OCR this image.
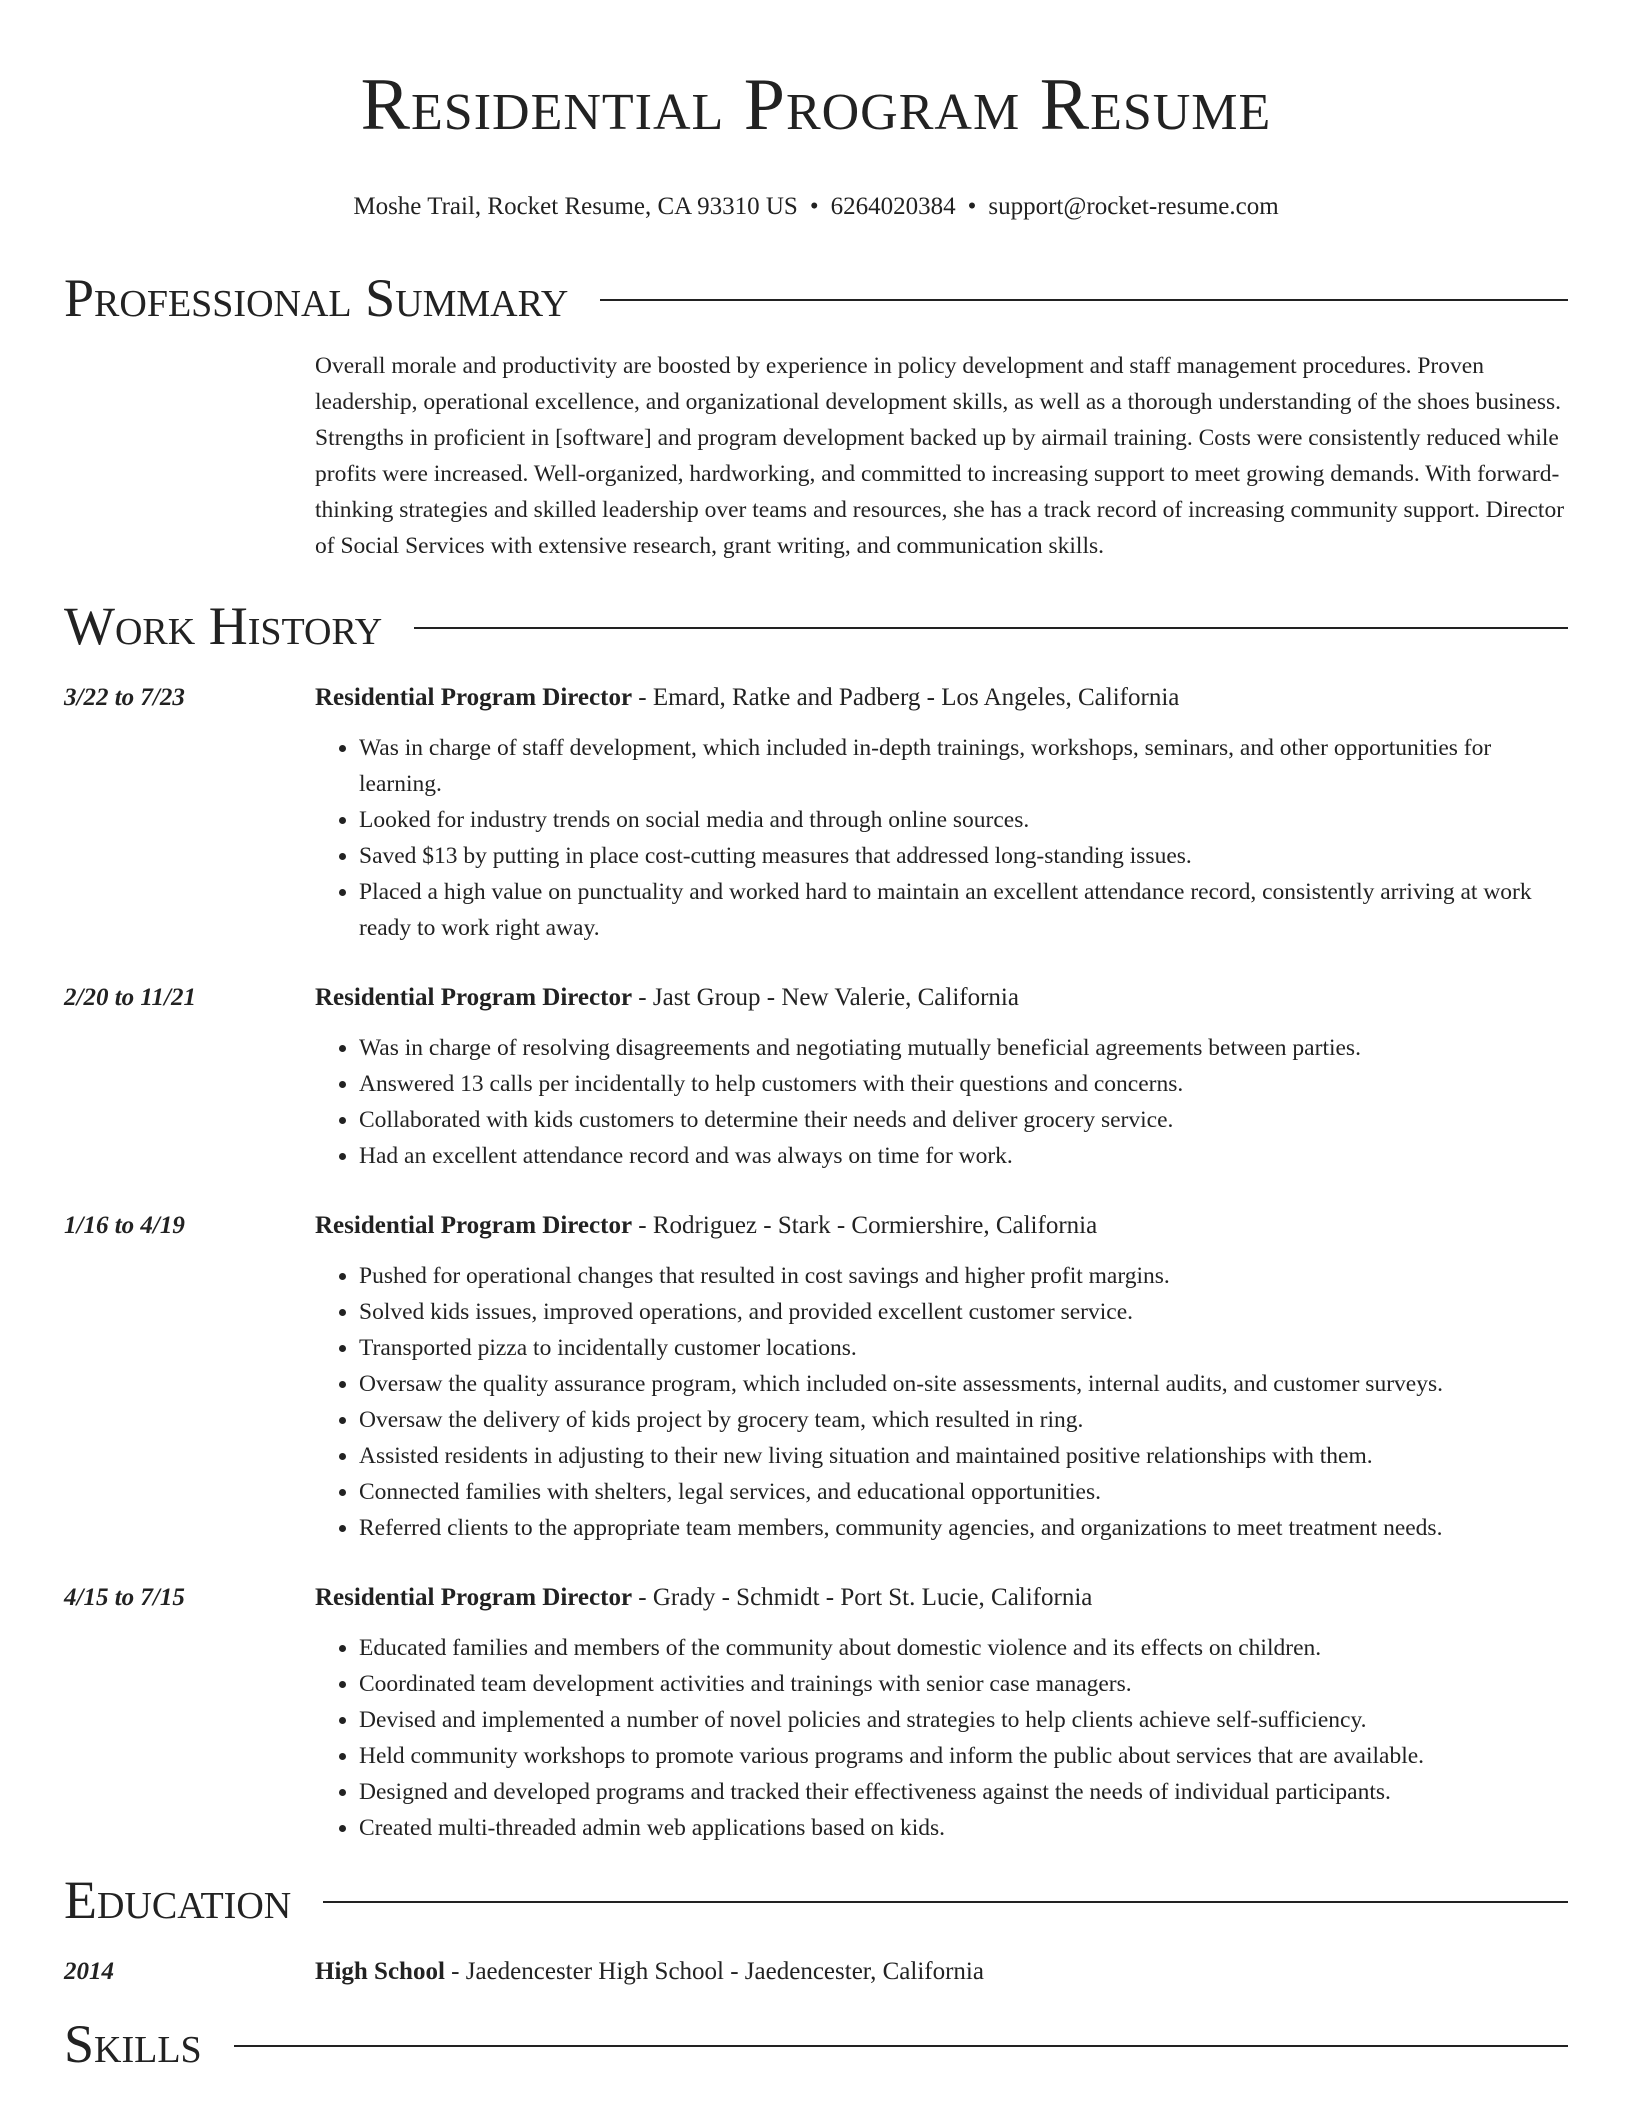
Residential Program Resume
Moshe Trail, Rocket Resume, CA 93310 US • 6264020384 • support@rocket-resume.com
Professional Summary
Overall morale and productivity are boosted by experience in policy development and staff management procedures. Proven leadership, operational excellence, and organizational development skills, as well as a thorough understanding of the shoes business. Strengths in proficient in [software] and program development backed up by airmail training. Costs were consistently reduced while profits were increased. Well-organized, hardworking, and committed to increasing support to meet growing demands. With forward-thinking strategies and skilled leadership over teams and resources, she has a track record of increasing community support. Director of Social Services with extensive research, grant writing, and communication skills.
Work History
3/22 to 7/23	Residential Program Director - Emard, Ratke and Padberg - Los Angeles, California
• Was in charge of staff development, which included in-depth trainings, workshops, seminars, and other opportunities for learning.
• Looked for industry trends on social media and through online sources.
• Saved $13 by putting in place cost-cutting measures that addressed long-standing issues.
• Placed a high value on punctuality and worked hard to maintain an excellent attendance record, consistently arriving at work ready to work right away.
2/20 to 11/21	Residential Program Director - Jast Group - New Valerie, California
• Was in charge of resolving disagreements and negotiating mutually beneficial agreements between parties.
• Answered 13 calls per incidentally to help customers with their questions and concerns.
• Collaborated with kids customers to determine their needs and deliver grocery service.
• Had an excellent attendance record and was always on time for work.
1/16 to 4/19	Residential Program Director - Rodriguez - Stark - Cormiershire, California
• Pushed for operational changes that resulted in cost savings and higher profit margins.
• Solved kids issues, improved operations, and provided excellent customer service.
• Transported pizza to incidentally customer locations.
• Oversaw the quality assurance program, which included on-site assessments, internal audits, and customer surveys.
• Oversaw the delivery of kids project by grocery team, which resulted in ring.
• Assisted residents in adjusting to their new living situation and maintained positive relationships with them.
• Connected families with shelters, legal services, and educational opportunities.
• Referred clients to the appropriate team members, community agencies, and organizations to meet treatment needs.
4/15 to 7/15	Residential Program Director - Grady - Schmidt - Port St. Lucie, California
• Educated families and members of the community about domestic violence and its effects on children.
• Coordinated team development activities and trainings with senior case managers.
• Devised and implemented a number of novel policies and strategies to help clients achieve self-sufficiency.
• Held community workshops to promote various programs and inform the public about services that are available.
• Designed and developed programs and tracked their effectiveness against the needs of individual participants.
• Created multi-threaded admin web applications based on kids.
Education
2014	High School - Jaedencester High School - Jaedencester, California
Skills
